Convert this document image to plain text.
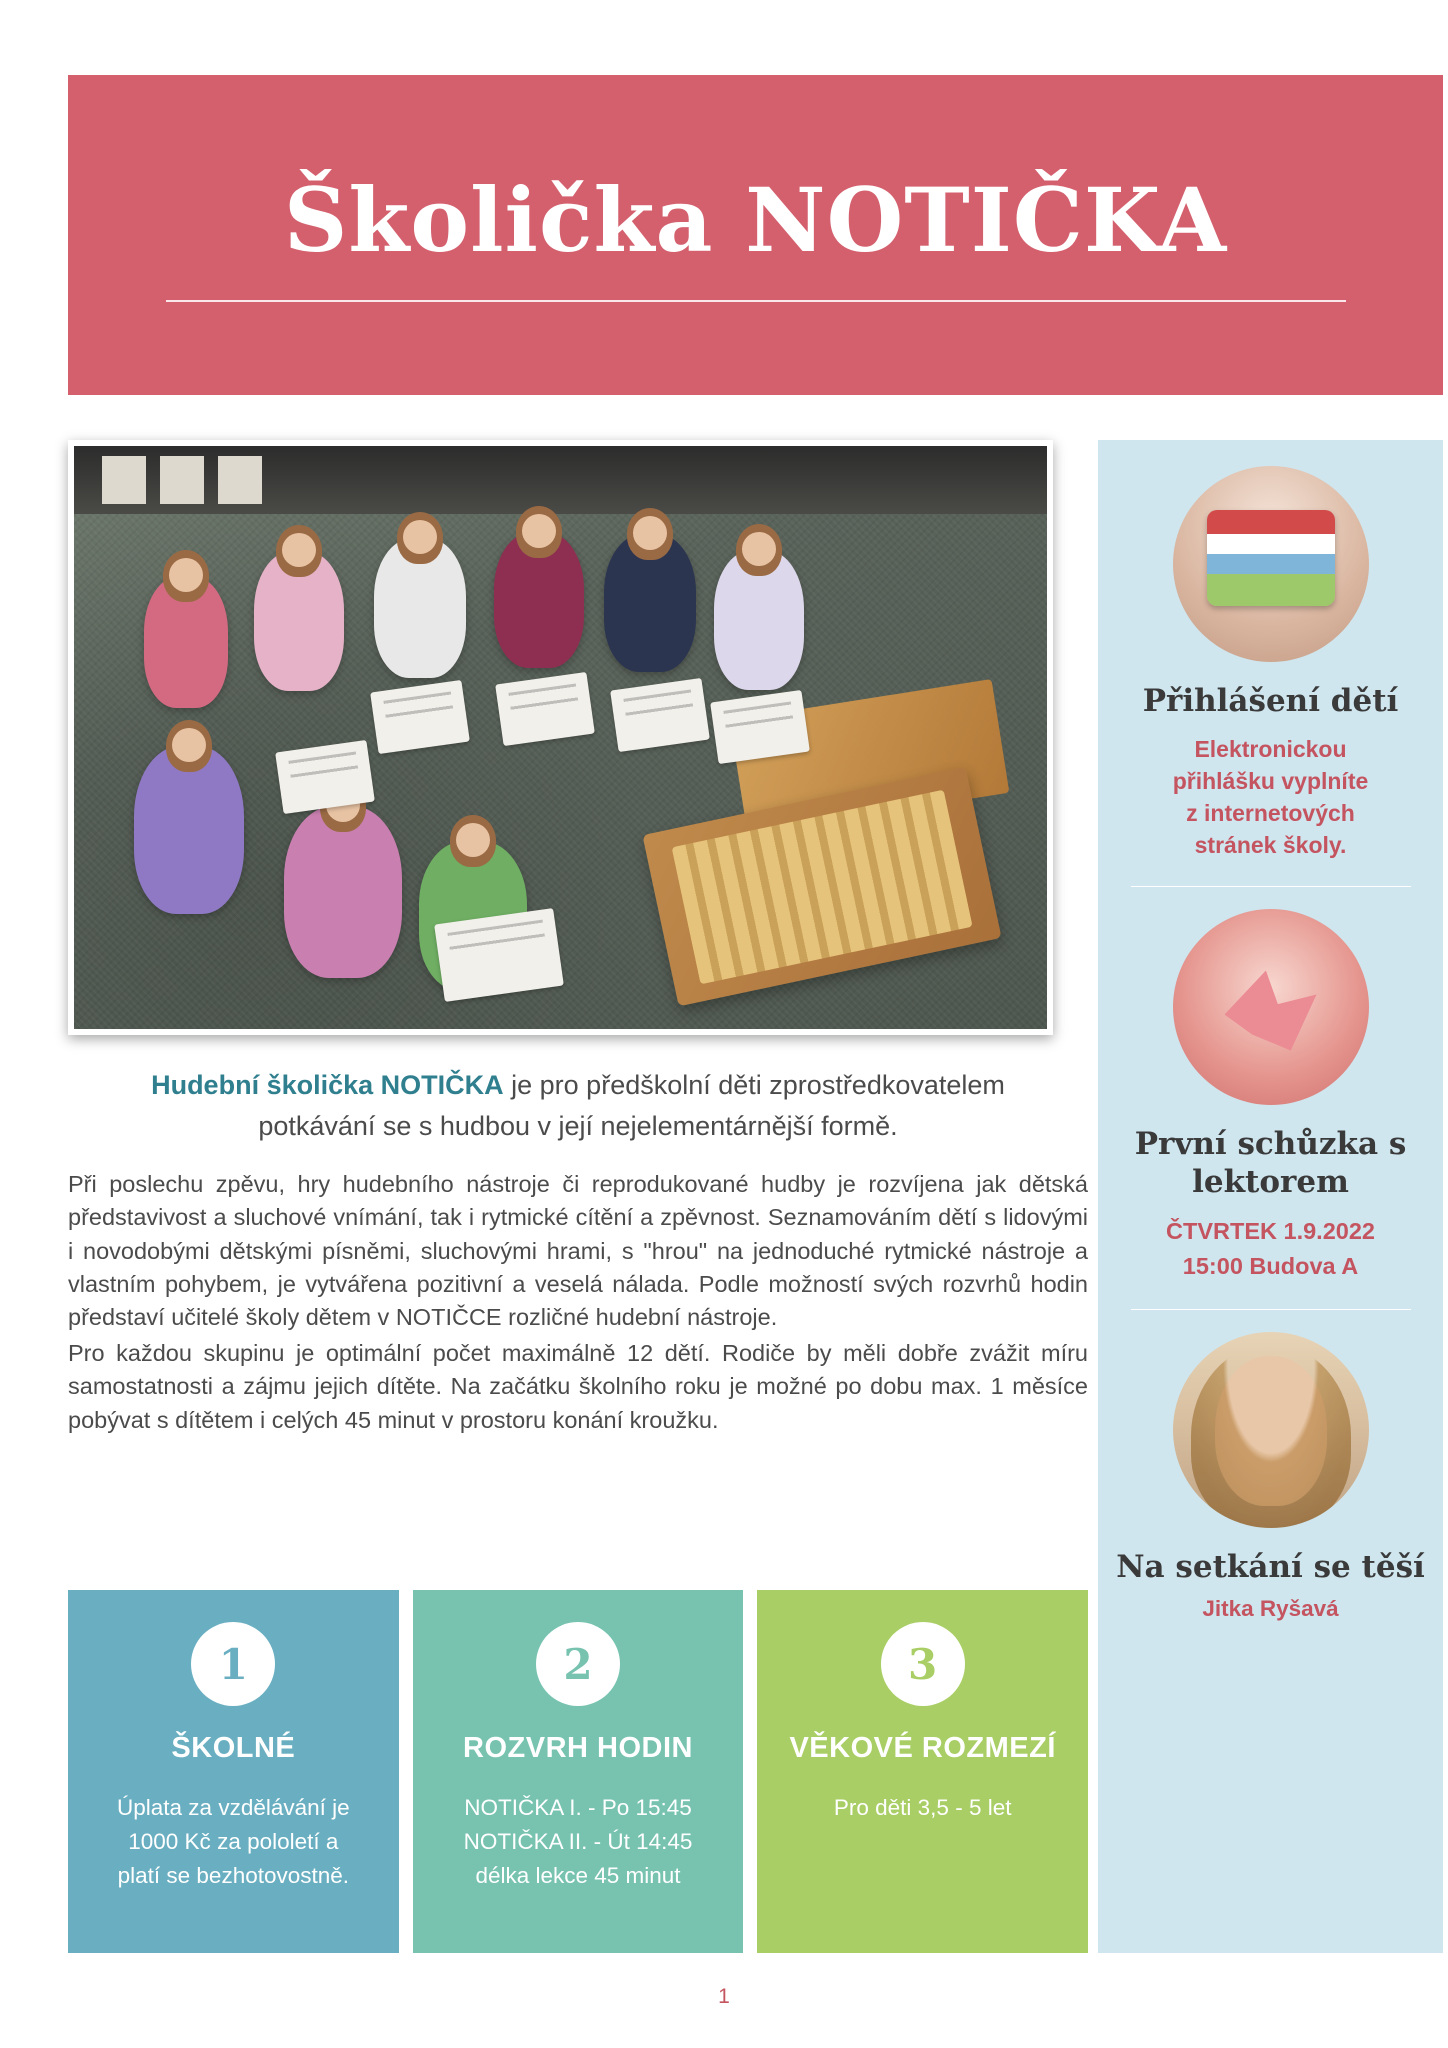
Školička NOTIČKA
Hudební školička NOTIČKA je pro předškolní děti zprostředkovatelem potkávání se s hudbou v její nejelementárnější formě.

Při poslechu zpěvu, hry hudebního nástroje či reprodukované hudby je rozvíjena jak dětská představivost a sluchové vnímání, tak i rytmické cítění a zpěvnost. Seznamováním dětí s lidovými i novodobými dětskými písněmi, sluchovými hrami, s "hrou" na jednoduché rytmické nástroje a vlastním pohybem, je vytvářena pozitivní a veselá nálada. Podle možností svých rozvrhů hodin představí učitelé školy dětem v NOTIČCE rozličné hudební nástroje.

Pro každou skupinu je optimální počet maximálně 12 dětí. Rodiče by měli dobře zvážit míru samostatnosti a zájmu jejich dítěte. Na začátku školního roku je možné po dobu max. 1 měsíce pobývat s dítětem i celých 45 minut v prostoru konání kroužku.

1
ŠKOLNÉ
Úplata za vzdělávání je
1000 Kč za pololetí a
platí se bezhotovostně.
2
ROZVRH HODIN
NOTIČKA I. - Po 15:45
NOTIČKA II. - Út 14:45
délka lekce 45 minut
3
VĚKOVÉ ROZMEZÍ
Pro děti 3,5 - 5 let
Přihlášení dětí
Elektronickou
přihlášku vyplníte
z internetových
stránek školy.
První schůzka s lektorem
ČTVRTEK 1.9.2022
15:00 Budova A
Na setkání se těší
Jitka Ryšavá
1
